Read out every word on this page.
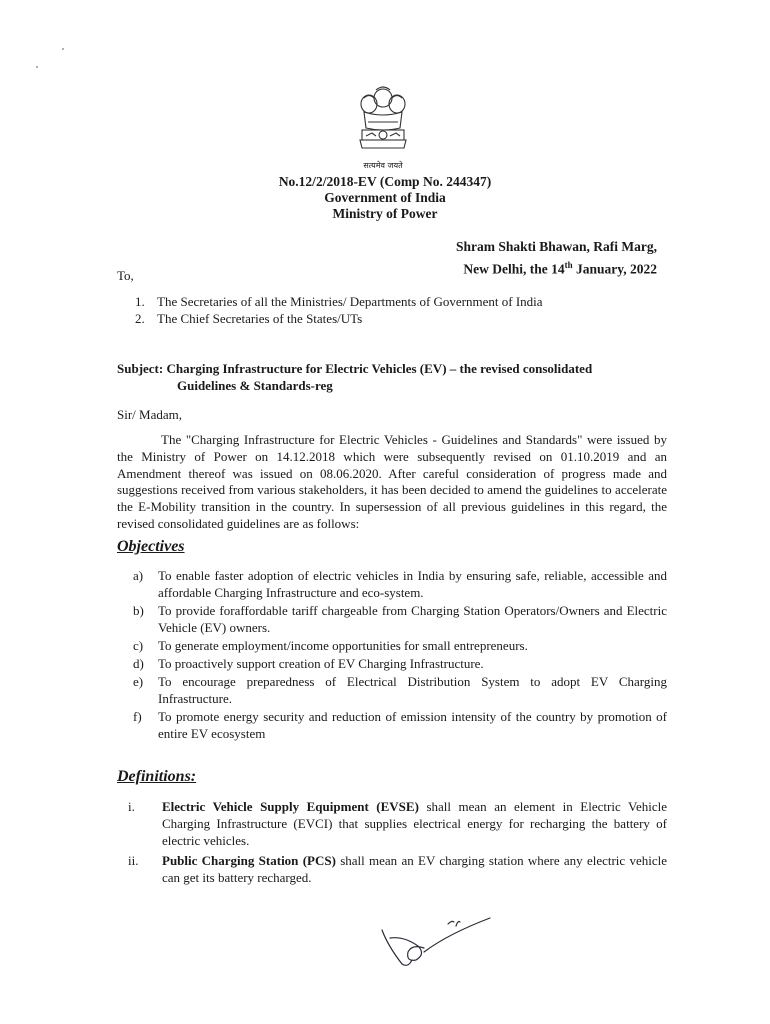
सत्यमेव जयते
No.12/2/2018-EV (Comp No. 244347)
Government of India
Ministry of Power
Shram Shakti Bhawan, Rafi Marg,
New Delhi, the 14th January, 2022
To,
1. The Secretaries of all the Ministries/ Departments of Government of India
2. The Chief Secretaries of the States/UTs
Subject: Charging Infrastructure for Electric Vehicles (EV) – the revised consolidated
Guidelines & Standards-reg
Sir/ Madam,
The "Charging Infrastructure for Electric Vehicles - Guidelines and Standards" were issued by the Ministry of Power on 14.12.2018 which were subsequently revised on 01.10.2019 and an Amendment thereof was issued on 08.06.2020. After careful consideration of progress made and suggestions received from various stakeholders, it has been decided to amend the guidelines to accelerate the E-Mobility transition in the country. In supersession of all previous guidelines in this regard, the revised consolidated guidelines are as follows:
Objectives
a)	To enable faster adoption of electric vehicles in India by ensuring safe, reliable, accessible and affordable Charging Infrastructure and eco-system.
b)	To provide foraffordable tariff chargeable from Charging Station Operators/Owners and Electric Vehicle (EV) owners.
c)	To generate employment/income opportunities for small entrepreneurs.
d)	To proactively support creation of EV Charging Infrastructure.
e)	To encourage preparedness of Electrical Distribution System to adopt EV Charging Infrastructure.
f)	To promote energy security and reduction of emission intensity of the country by promotion of entire EV ecosystem
Definitions:
i.	Electric Vehicle Supply Equipment (EVSE) shall mean an element in Electric Vehicle Charging Infrastructure (EVCI) that supplies electrical energy for recharging the battery of electric vehicles.
ii.	Public Charging Station (PCS) shall mean an EV charging station where any electric vehicle can get its battery recharged.
